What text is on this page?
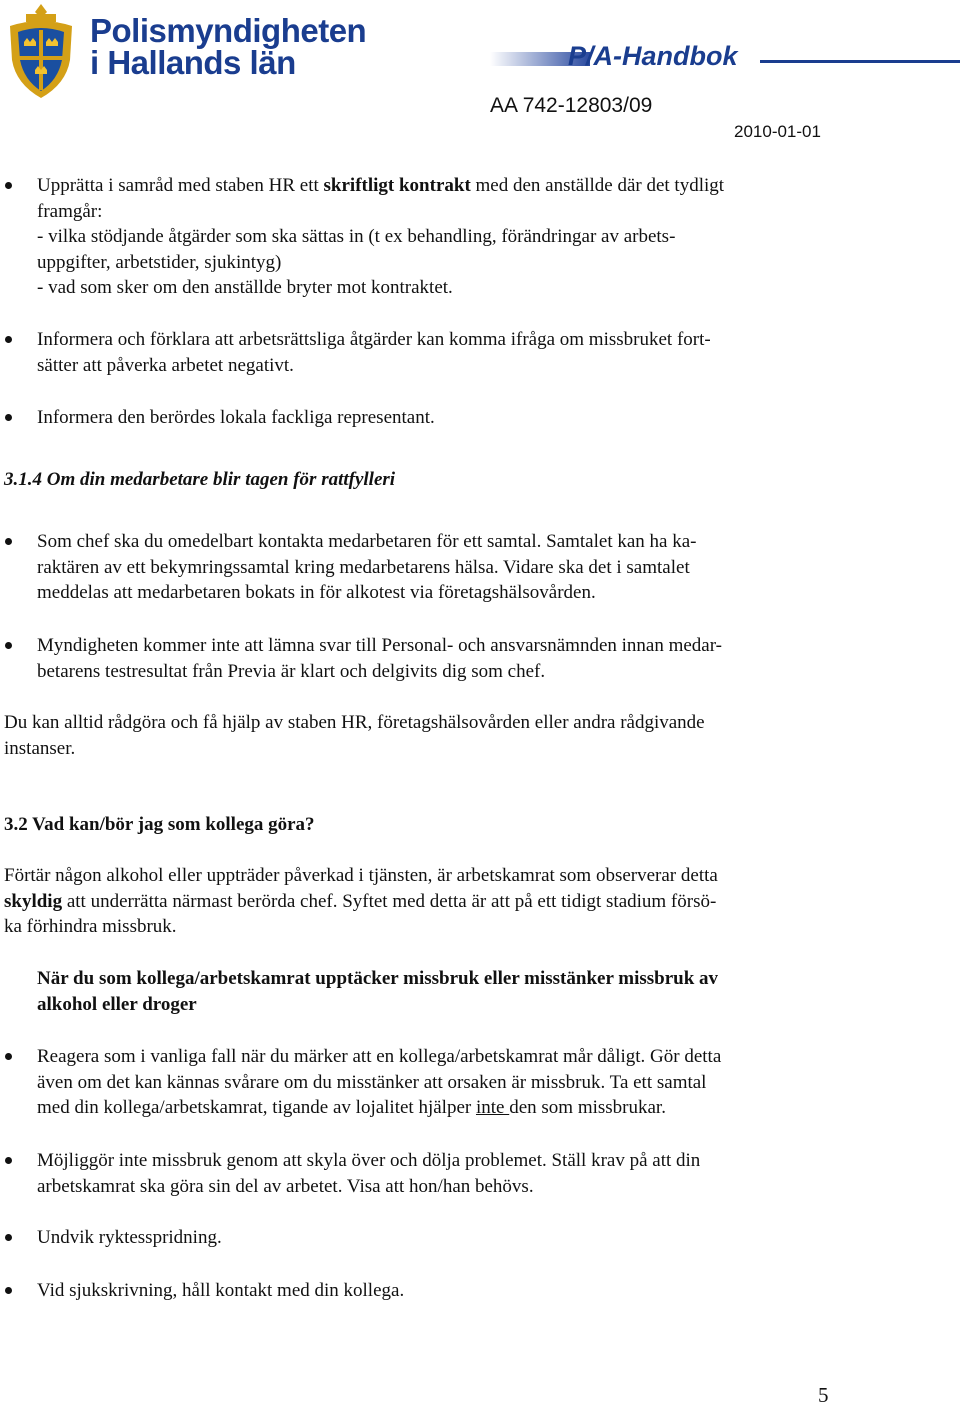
Polismyndigheten
i Hallands län	P/A-Handbok
AA 742-12803/09
2010-01-01
Upprätta i samråd med staben HR ett skriftligt kontrakt med den anställde där det tydligt
framgår:
- vilka stödjande åtgärder som ska sättas in (t ex behandling, förändringar av arbets-
uppgifter, arbetstider, sjukintyg)
- vad som sker om den anställde bryter mot kontraktet.
Informera och förklara att arbetsrättsliga åtgärder kan komma ifråga om missbruket fort-
sätter att påverka arbetet negativt.
Informera den berördes lokala fackliga representant.
3.1.4 Om din medarbetare blir tagen för rattfylleri
Som chef ska du omedelbart kontakta medarbetaren för ett samtal. Samtalet kan ha ka-
raktären av ett bekymringssamtal kring medarbetarens hälsa. Vidare ska det i samtalet
meddelas att medarbetaren bokats in för alkotest via företagshälsovården.
Myndigheten kommer inte att lämna svar till Personal- och ansvarsnämnden innan medar-
betarens testresultat från Previa är klart och delgivits dig som chef.
Du kan alltid rådgöra och få hjälp av staben HR, företagshälsovården eller andra rådgivande
instanser.
3.2 Vad kan/bör jag som kollega göra?
Förtär någon alkohol eller uppträder påverkad i tjänsten, är arbetskamrat som observerar detta
skyldig att underrätta närmast berörda chef. Syftet med detta är att på ett tidigt stadium försö-
ka förhindra missbruk.
När du som kollega/arbetskamrat upptäcker missbruk eller misstänker missbruk av
alkohol eller droger
Reagera som i vanliga fall när du märker att en kollega/arbetskamrat mår dåligt. Gör detta
även om det kan kännas svårare om du misstänker att orsaken är missbruk. Ta ett samtal
med din kollega/arbetskamrat, tigande av lojalitet hjälper inte den som missbrukar.
Möjliggör inte missbruk genom att skyla över och dölja problemet. Ställ krav på att din
arbetskamrat ska göra sin del av arbetet. Visa att hon/han behövs.
Undvik ryktesspridning.
Vid sjukskrivning, håll kontakt med din kollega.
5
